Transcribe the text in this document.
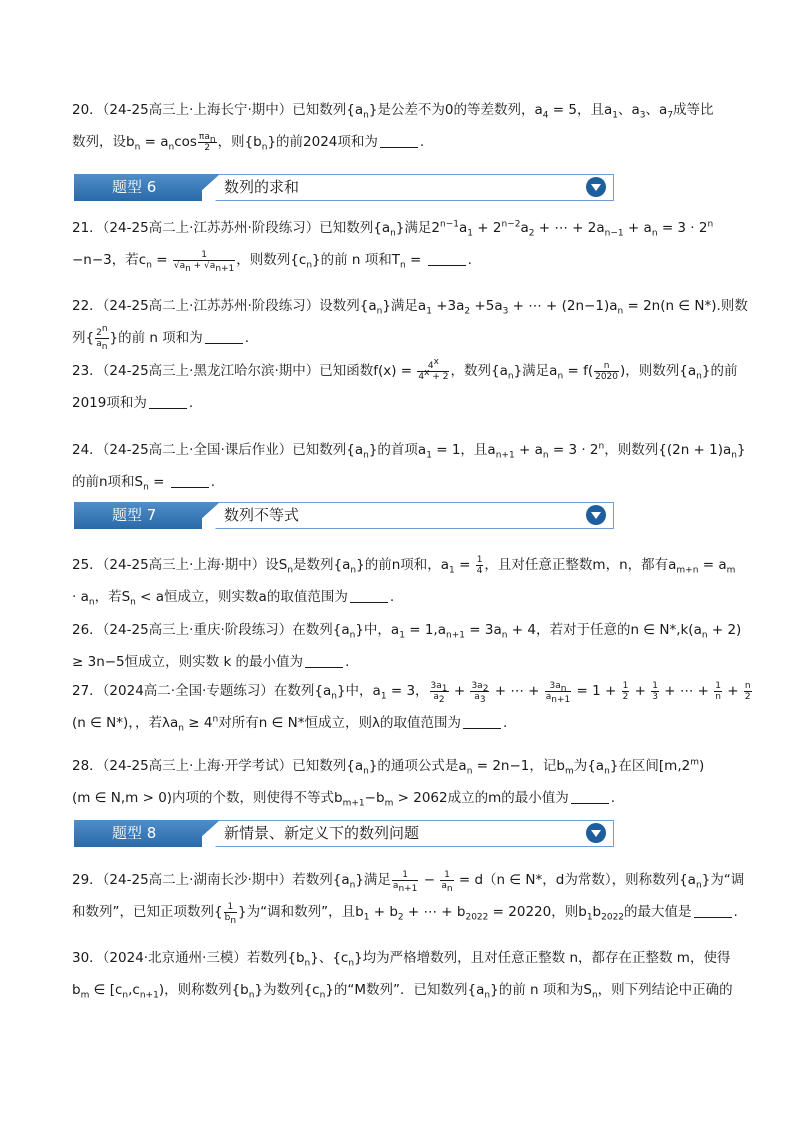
20．（24-25高三上·上海长宁·期中）已知数列$\{a_n\}$是公差不为0的等差数列，$a_4 = 5$，且$a_1$、$a_3$、$a_7$成等比
数列，设$b_n = a_n\cos \frac{\pi a_n}{2}$ ，则$\{b_n\}$的前2024项和为	.
题型 6	数列的求和
21．（24-25高二上·江苏苏州·阶段练习）已知数列$\{a_n\}$满足$2^{n-1}a_1 + 2^{n-2}a_2$ + ⋯ + $2a_{n-1} + a_n = 3 \cdot 2^n$
−n−3，若$c_n = \frac{1}{√a_n + √a_{n+1}}$ ，则数列$\{c_n\}$的前 n 项和$T_n$ =	.
22．（24-25高二上·江苏苏州·阶段练习）设数列$\{a_n\}$满足$a_1 +3a_2 +5a_3$ + ⋯ + $(2n-1)a_n = 2n(n$ ∈ N*).则数
列{ $\frac{2^n}{a_n}$ }的前 n 项和为	.
23．（24-25高三上·黑龙江哈尔滨·期中）已知函数$f(x) = \frac{4^x}{4^x + 2}$ ，数列$\{a_n\}$满足$a_n = f( \frac{n}{2020}$ )，则数列$\{a_n\}$的前
2019项和为	.
24．（24-25高二上·全国·课后作业）已知数列$\{a_n\}$的首项$a_1 = 1$，且$a_{n+1} + a_n = 3 \cdot 2^n$，则数列$\{(2n + 1)a_n\}$
的前n项和$S_n$ =	.
题型 7	数列不等式
25．（24-25高三上·上海·期中）设$S_n$是数列$\{a_n\}$的前n项和，$a_1 = \frac{1}{4}$ ，且对任意正整数m，n，都有$a_{m+n} = a_m$
· $a_n$，若$S_n < a$恒成立，则实数a的取值范围为	.
26．（24-25高三上·重庆·阶段练习）在数列$\{a_n\}$中，$a_1 = 1,a_{n+1} = 3a_n + 4$，若对于任意的n ∈ $N*,k(a_n + 2)$
≥ 3n−5恒成立，则实数 k 的最小值为	.
27．（2024高二·全国·专题练习）在数列$\{a_n\}$中，$a_1 = 3$， $\frac{3a_1}{a_2} + \frac{3a_2}{a_3}$ + ⋯ + $\frac{3a_n}{a_{n+1}} = 1 + \frac{1}{2} + \frac{1}{3}$ + ⋯ + $\frac{1}{n} + \frac{n}{2}$
(n ∈ N*)，，若$\lambda a_n \ge 4^n$对所有n ∈ N*恒成立，则λ的取值范围为	.
28．（24-25高三上·上海·开学考试）已知数列$\{a_n\}$的通项公式是$a_n = 2n-1$，记$b_m$为$\{a_n\}$在区间[m,2$^m$)
(m ∈ N,m > 0)内项的个数，则使得不等式$b_{m+1}-b_m > 2062$成立的m的最小值为	.
题型 8	新情景、新定义下的数列问题
29．（24-25高二上·湖南长沙·期中）若数列$\{a_n\}$满足 $\frac{1}{a_{n+1}} - \frac{1}{a_n} = d(n$ ∈ N*，d为常数），则称数列$\{a_n\}$为“调
和数列”，已知正项数列{ $\frac{1}{b_n}$ }为“调和数列”，且$b_1 + b_2$ + ⋯ + $b_{2022} = 20220$，则$b_1b_{2022}$的最大值是	.
30．（2024·北京通州·三模）若数列$\{b_n\}$、$\{c_n\}$均为严格增数列，且对任意正整数 n，都存在正整数 m，使得
$b_m$ ∈ $[c_n,c_{n+1})$，则称数列$\{b_n\}$为数列$\{c_n\}$的“M数列”．已知数列$\{a_n\}$的前 n 项和为$S_n$，则下列结论中正确的
